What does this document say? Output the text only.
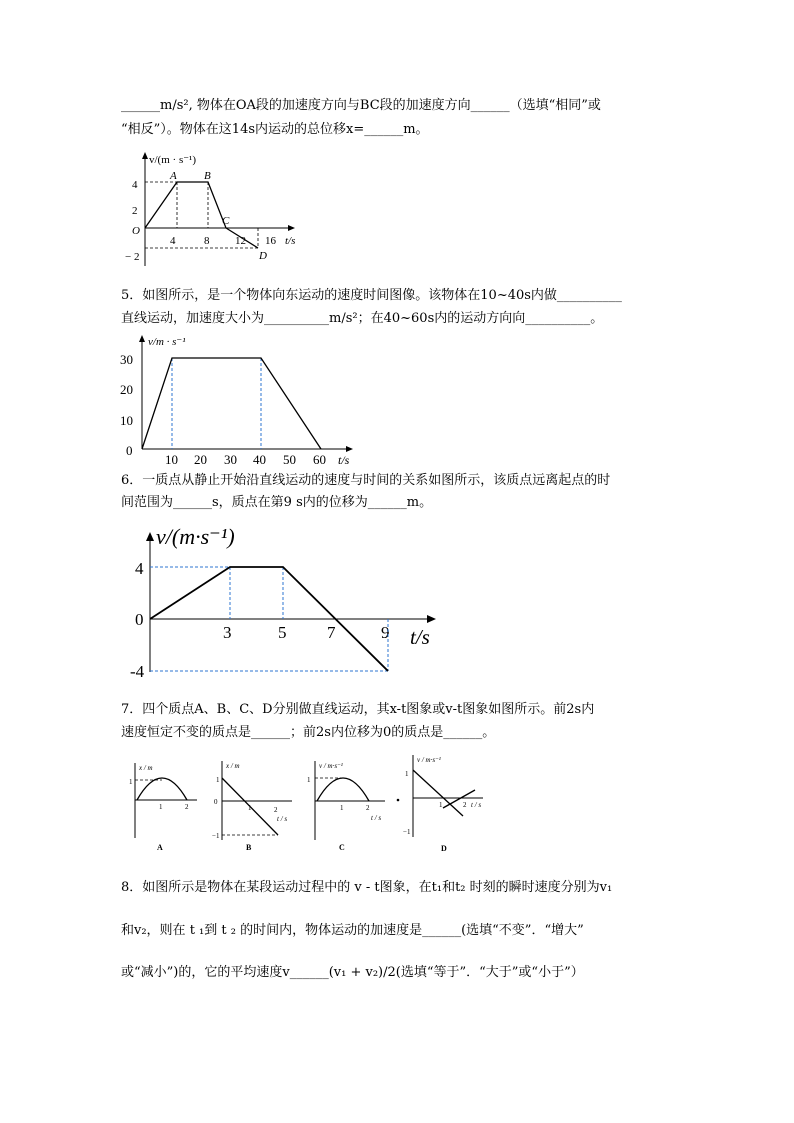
______m/s², 物体在OA段的加速度方向与BC段的加速度方向______（选填“相同”或
“相反”）。物体在这14s内运动的总位移x=______m。
v/(m · s⁻¹)
t/s
O
4
2
− 2
4	8 12 16
A B
C
D
5．如图所示，是一个物体向东运动的速度时间图像。该物体在10~40s内做__________
直线运动，加速度大小为__________m/s²；在40~60s内的运动方向向__________。
v/m · s⁻¹
30
20
10
0
10 20 30 40 50 60 t/s
6．一质点从静止开始沿直线运动的速度与时间的关系如图所示，该质点远离起点的时
间范围为______s，质点在第9 s内的位移为______m。
v/(m·s⁻¹)
4
0
-4
3	5 7	9 t/s
7．四个质点A、B、C、D分别做直线运动，其x-t图象或v-t图象如图所示。前2s内
速度恒定不变的质点是______；前2s内位移为0的质点是______。
x / m
1
1	2
A
x / m
1
0
−1
1	2
t / s
B
v / m·s⁻¹
1
1	2
t / s
C
v / m·s⁻¹
1
−1
1	2 t / s
D
8．如图所示是物体在某段运动过程中的 v - t图象，在t₁和t₂ 时刻的瞬时速度分别为v₁
和v₂，则在 t ₁到 t ₂ 的时间内，物体运动的加速度是______(选填“不变”．“增大”
或“减小”)的，它的平均速度v______(v₁ + v₂)/2(选填“等于”．“大于”或“小于”）
